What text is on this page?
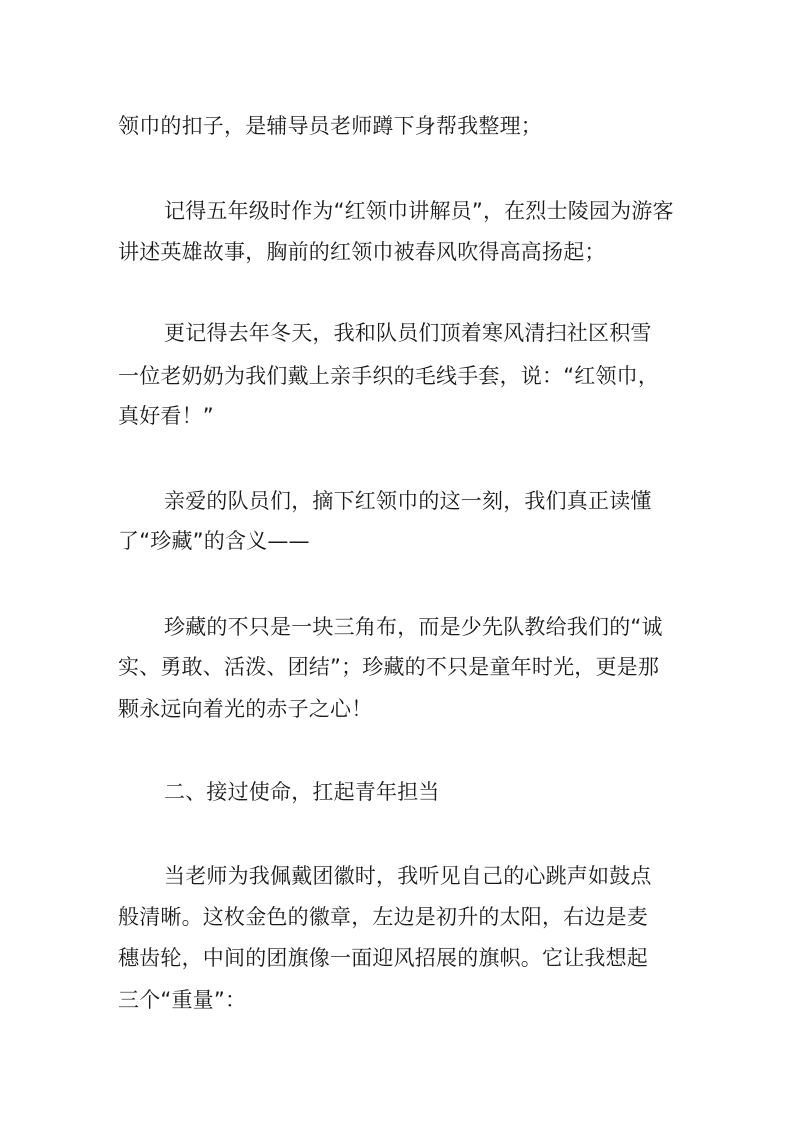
领巾的扣子，是辅导员老师蹲下身帮我整理；
记得五年级时作为“红领巾讲解员”，在烈士陵园为游客
讲述英雄故事，胸前的红领巾被春风吹得高高扬起；
更记得去年冬天，我和队员们顶着寒风清扫社区积雪
一位老奶奶为我们戴上亲手织的毛线手套，说：“红领巾，
真好看！”
亲爱的队员们，摘下红领巾的这一刻，我们真正读懂
了“珍藏”的含义——
珍藏的不只是一块三角布，而是少先队教给我们的“诚
实、勇敢、活泼、团结”；珍藏的不只是童年时光，更是那
颗永远向着光的赤子之心！
二、接过使命，扛起青年担当
当老师为我佩戴团徽时，我听见自己的心跳声如鼓点
般清晰。这枚金色的徽章，左边是初升的太阳，右边是麦
穗齿轮，中间的团旗像一面迎风招展的旗帜。它让我想起
三个“重量”：
